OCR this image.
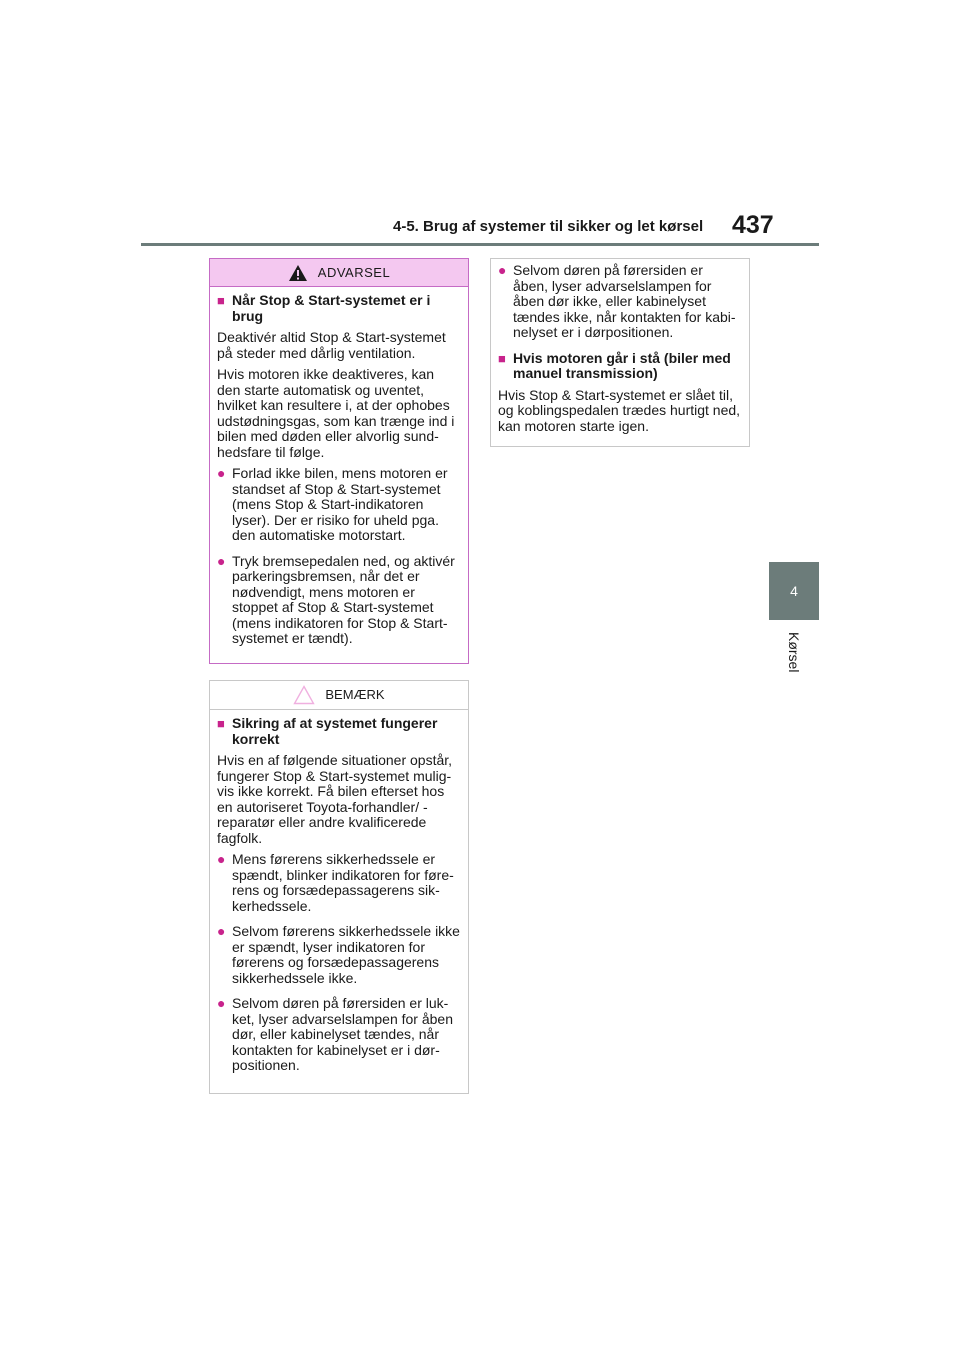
4-5. Brug af systemer til sikker og let kørsel 437
4
Kørsel
ADVARSEL
■ Når Stop & Start-systemet er i brug

Deaktivér altid Stop & Start-systemet på steder med dårlig ventilation.

Hvis motoren ikke deaktiveres, kan den starte automatisk og uventet, hvilket kan resultere i, at der ophobes udstødningsgas, som kan trænge ind i bilen med døden eller alvorlig sund-hedsfare til følge.

● Forlad ikke bilen, mens motoren er standset af Stop & Start-systemet (mens Stop & Start-indikatoren lyser). Der er risiko for uheld pga. den automatiske motorstart.
● Tryk bremsepedalen ned, og aktivér parkeringsbremsen, når det er nødvendigt, mens motoren er stoppet af Stop & Start-systemet (mens indikatoren for Stop & Start-systemet er tændt).
BEMÆRK
■ Sikring af at systemet fungerer korrekt

Hvis en af følgende situationer opstår, fungerer Stop & Start-systemet mulig-vis ikke korrekt. Få bilen efterset hos en autoriseret Toyota-forhandler/ -reparatør eller andre kvalificerede fagfolk.

● Mens førerens sikkerhedssele er spændt, blinker indikatoren for føre-rens og forsædepassagerens sik-kerhedssele.
● Selvom førerens sikkerhedssele ikke er spændt, lyser indikatoren for førerens og forsædepassagerens sikkerhedssele ikke.
● Selvom døren på førersiden er luk-ket, lyser advarselslampen for åben dør, eller kabinelyset tændes, når kontakten for kabinelyset er i dør-positionen.
● Selvom døren på førersiden er åben, lyser advarselslampen for åben dør ikke, eller kabinelyset tændes ikke, når kontakten for kabi-nelyset er i dørpositionen.
■ Hvis motoren går i stå (biler med manuel transmission)

Hvis Stop & Start-systemet er slået til, og koblingspedalen trædes hurtigt ned, kan motoren starte igen.
